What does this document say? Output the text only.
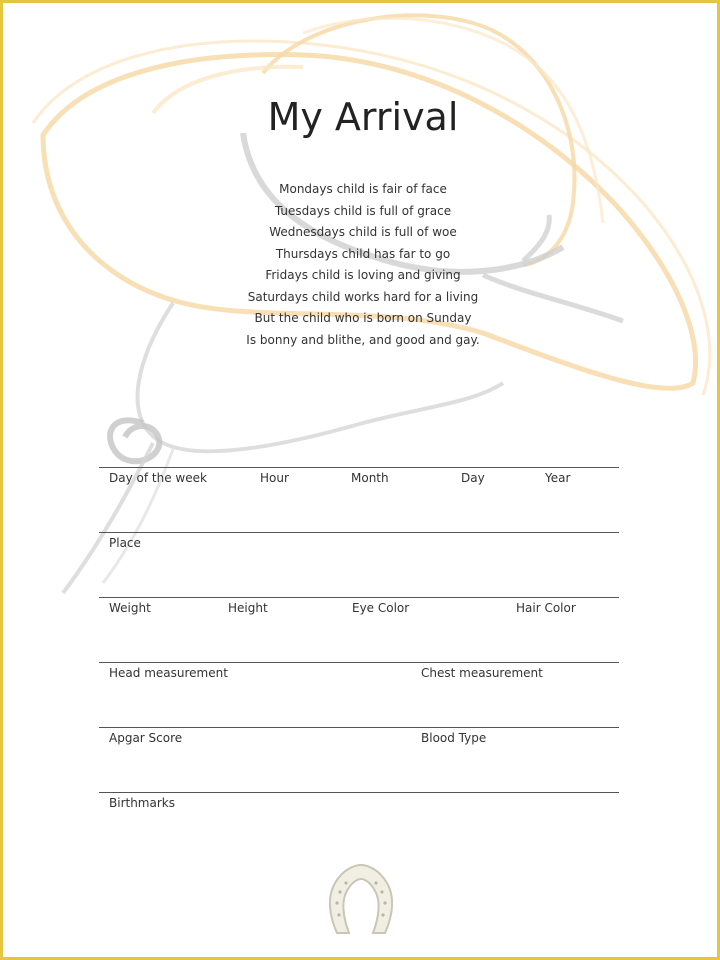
My Arrival
Mondays child is fair of face
Tuesdays child is full of grace
Wednesdays child is full of woe
Thursdays child has far to go
Fridays child is loving and giving
Saturdays child works hard for a living
But the child who is born on Sunday
Is bonny and blithe, and good and gay.
Day of the week	Hour	Month	Day	Year
Place
Weight	Height	Eye Color	Hair Color
Head measurement	Chest measurement
Apgar Score	Blood Type
Birthmarks
